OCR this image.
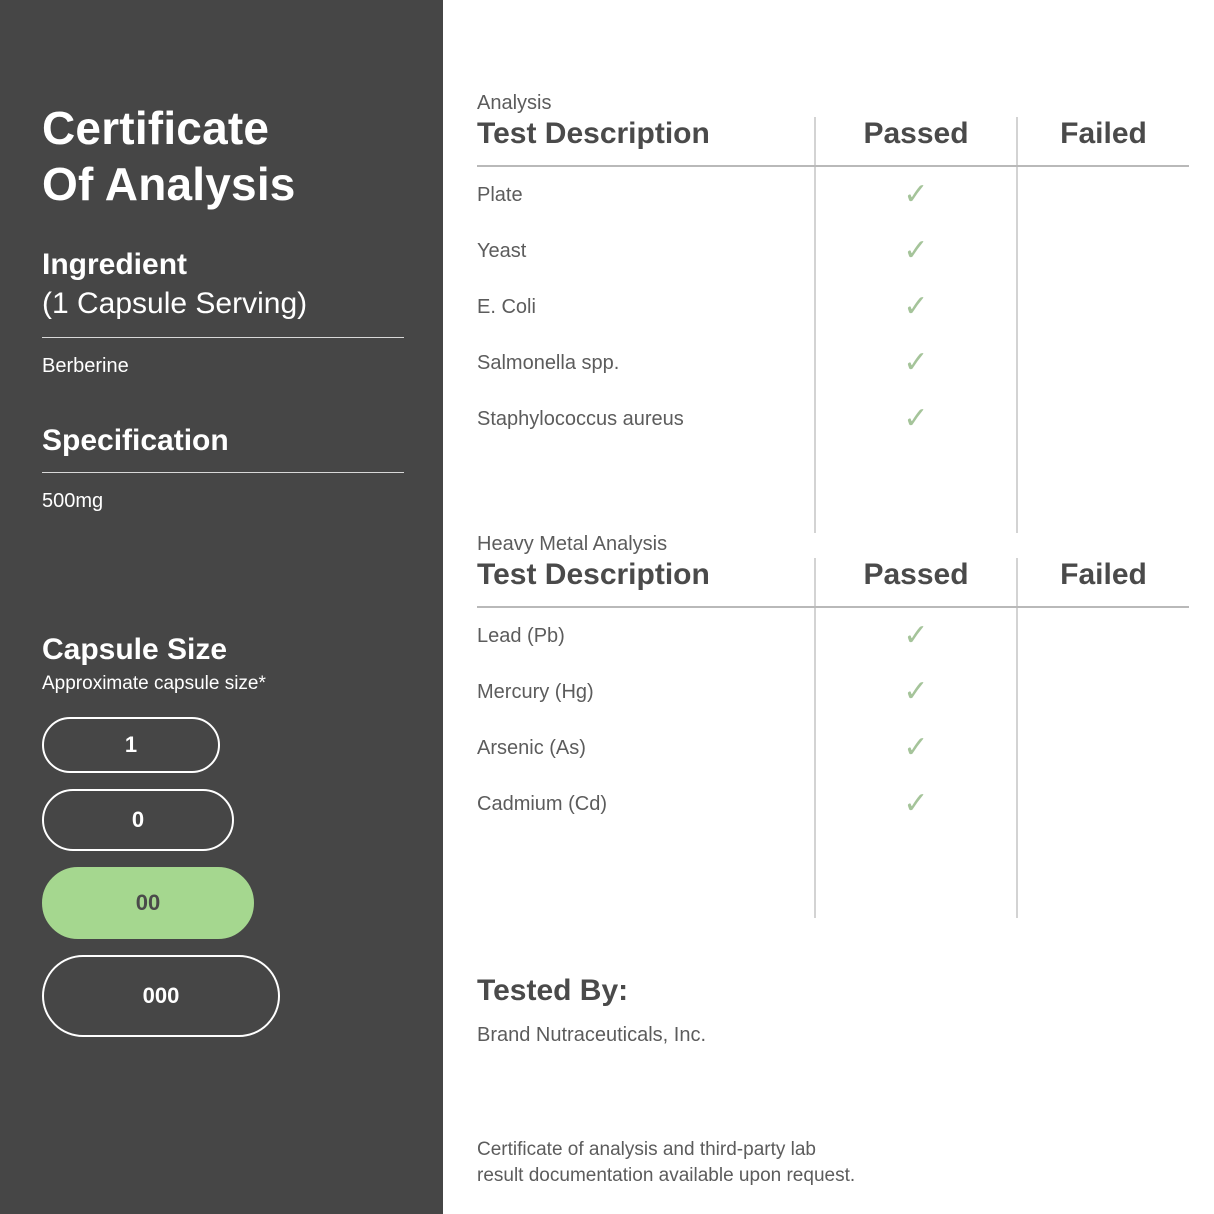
Certificate
Of Analysis
Ingredient
(1 Capsule Serving)
Berberine
Specification
500mg
Capsule Size
Approximate capsule size*
1
0
00
000
Analysis
Test Description	Passed	Failed
Plate	✓	
Yeast	✓	
E. Coli	✓	
Salmonella spp.	✓	
Staphylococcus aureus	✓	

Heavy Metal Analysis
Test Description	Passed	Failed
Lead (Pb)	✓	
Mercury (Hg)	✓	
Arsenic (As)	✓	
Cadmium (Cd)	✓	

Tested By:
Brand Nutraceuticals, Inc.
Certificate of analysis and third-party lab
result documentation available upon request.
